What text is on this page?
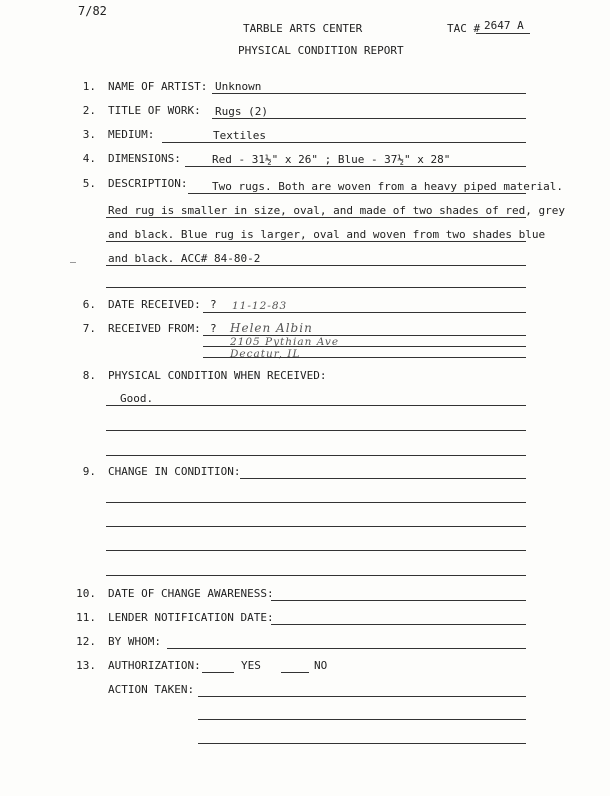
7/82
TARBLE ARTS CENTER	TAC # 2647 A
PHYSICAL CONDITION REPORT
1. NAME OF ARTIST: Unknown
2. TITLE OF WORK: Rugs (2)
3. MEDIUM:	Textiles
4. DIMENSIONS:	Red - 31½" x 26" ; Blue - 37½" x 28"
5. DESCRIPTION: Two rugs. Both are woven from a heavy piped material.
Red rug is smaller in size, oval, and made of two shades of red, grey
and black. Blue rug is larger, oval and woven from two shades blue
and black. ACC# 84-80-2
6. DATE RECEIVED: ? 11-12-83
7. RECEIVED FROM: ? Helen Albin
2105 Pythian Ave
Decatur, IL
8. PHYSICAL CONDITION WHEN RECEIVED:
Good.
9. CHANGE IN CONDITION:
10. DATE OF CHANGE AWARENESS:
11. LENDER NOTIFICATION DATE:
12. BY WHOM:
13. AUTHORIZATION:	YES	NO
ACTION TAKEN:
